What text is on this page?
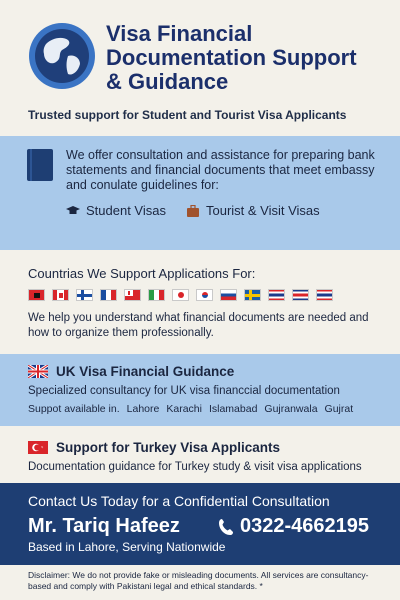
Visa Financial
Documentation Support
& Guidance
Trusted support for Student and Tourist Visa Applicants
We offer consultation and assistance for preparing bank statements and financial documents that meet embassy and conulate guidelines for:
Student Visas	Tourist & Visit Visas
Countrias We Support Applications For:
We help you understand what financial documents are needed and how to organize them professionally.
UK Visa Financial Guidance
Specialized consultancy for UK visa financcial documentation
Suppot available in. Lahore Karachi Islamabad Gujranwala Gujrat
Support for Turkey Visa Applicants
Documentation guidance for Turkey study & visit visa applications
Contact Us Today for a Confidential Consultation
Mr. Tariq Hafeez	0322-4662195
Based in Lahore, Serving Nationwide
Disclaimer: We do not provide fake or misleading documents. All services are consultancy-based and comply with Pakistani legal and ethical standards. *
